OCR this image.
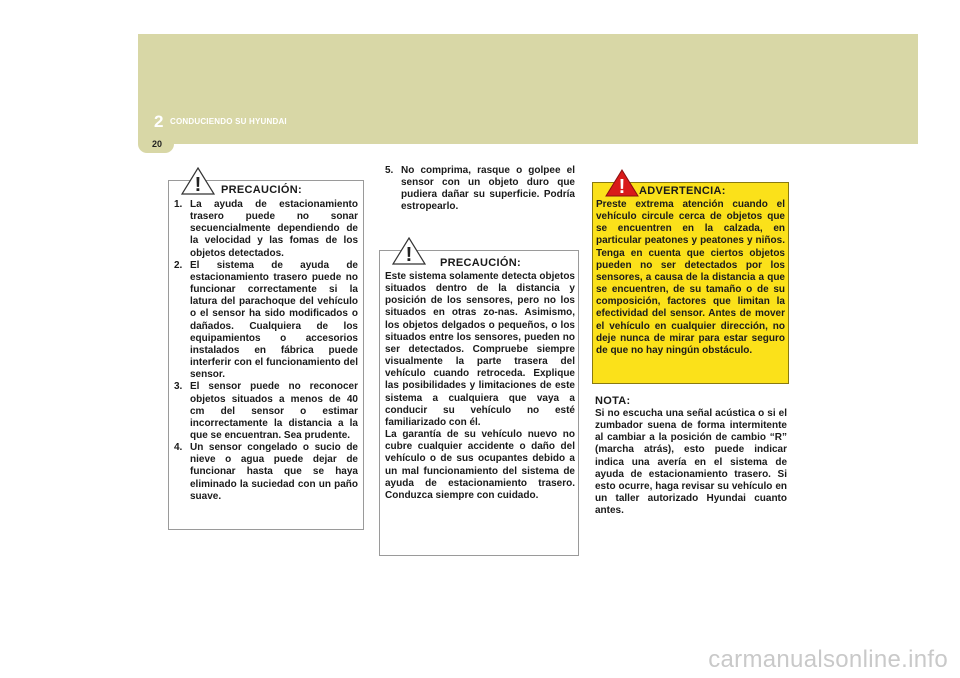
2 CONDUCIENDO SU HYUNDAI
20
! PRECAUCIÓN:
1. La ayuda de estacionamiento trasero puede no sonar secuencialmente dependiendo de la velocidad y las fomas de los objetos detectados.
2. El sistema de ayuda de estacionamiento trasero puede no funcionar correctamente si la latura del parachoque del vehículo o el sensor ha sido modificados o dañados. Cualquiera de los equipamientos o accesorios instalados en fábrica puede interferir con el funcionamiento del sensor.
3. El sensor puede no reconocer objetos situados a menos de 40 cm del sensor o estimar incorrectamente la distancia a la que se encuentran. Sea prudente.
4. Un sensor congelado o sucio de nieve o agua puede dejar de funcionar hasta que se haya eliminado la suciedad con un paño suave.
5. No comprima, rasque o golpee el sensor con un objeto duro que pudiera dañar su superficie. Podría estropearlo.
!	PRECAUCIÓN:
Este sistema solamente detecta objetos situados dentro de la distancia y posición de los sensores, pero no los situados en otras zo-nas. Asimismo, los objetos delgados o pequeños, o los situados entre los sensores, pueden no ser detectados. Compruebe siempre visualmente la parte trasera del vehículo cuando retroceda. Explique las posibilidades y limitaciones de este sistema a cualquiera que vaya a conducir su vehículo no esté familiarizado con él.
La garantía de su vehículo nuevo no cubre cualquier accidente o daño del vehículo o de sus ocupantes debido a un mal funcionamiento del sistema de ayuda de estacionamiento trasero. Conduzca siempre con cuidado.
! ADVERTENCIA:
Preste extrema atención cuando el vehículo circule cerca de objetos que se encuentren en la calzada, en particular peatones y peatones y niños. Tenga en cuenta que ciertos objetos pueden no ser detectados por los sensores, a causa de la distancia a que se encuentren, de su tamaño o de su composición, factores que limitan la efectividad del sensor. Antes de mover el vehículo en cualquier dirección, no deje nunca de mirar para estar seguro de que no hay ningún obstáculo.
NOTA:
Si no escucha una señal acústica o si el zumbador suena de forma intermitente al cambiar a la posición de cambio “R” (marcha atrás), esto puede indicar indica una avería en el sistema de ayuda de estacionamiento trasero. Si esto ocurre, haga revisar su vehículo en un taller autorizado Hyundai cuanto antes.
carmanualsonline.info
